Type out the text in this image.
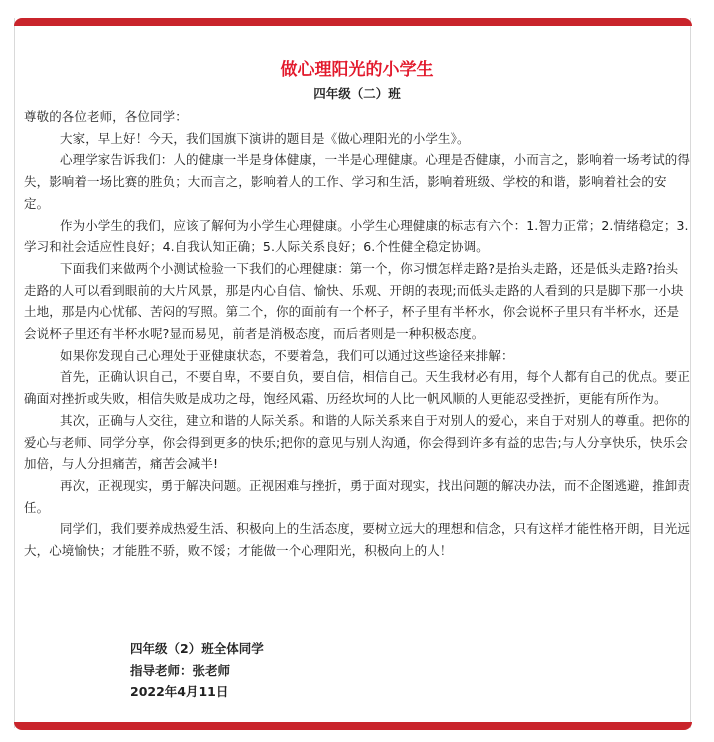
做心理阳光的小学生
四年级（二）班

尊敬的各位老师，各位同学：

大家，早上好！今天，我们国旗下演讲的题目是《做心理阳光的小学生》。

心理学家告诉我们：人的健康一半是身体健康，一半是心理健康。心理是否健康，小而言之，影响着一场考试的得失，影响着一场比赛的胜负；大而言之，影响着人的工作、学习和生活，影响着班级、学校的和谐，影响着社会的安定。

作为小学生的我们，应该了解何为小学生心理健康。小学生心理健康的标志有六个：1.智力正常；2.情绪稳定；3.学习和社会适应性良好；4.自我认知正确；5.人际关系良好；6.个性健全稳定协调。

下面我们来做两个小测试检验一下我们的心理健康：第一个，你习惯怎样走路?是抬头走路，还是低头走路?抬头走路的人可以看到眼前的大片风景，那是内心自信、愉快、乐观、开朗的表现;而低头走路的人看到的只是脚下那一小块土地，那是内心忧郁、苦闷的写照。第二个，你的面前有一个杯子，杯子里有半杯水，你会说杯子里只有半杯水，还是会说杯子里还有半杯水呢?显而易见，前者是消极态度，而后者则是一种积极态度。

如果你发现自己心理处于亚健康状态，不要着急，我们可以通过这些途径来排解：

首先，正确认识自己，不要自卑，不要自负，要自信，相信自己。天生我材必有用，每个人都有自己的优点。要正确面对挫折或失败，相信失败是成功之母，饱经风霜、历经坎坷的人比一帆风顺的人更能忍受挫折，更能有所作为。

其次，正确与人交往，建立和谐的人际关系。和谐的人际关系来自于对别人的爱心，来自于对别人的尊重。把你的爱心与老师、同学分享，你会得到更多的快乐;把你的意见与别人沟通，你会得到许多有益的忠告;与人分享快乐，快乐会加倍，与人分担痛苦，痛苦会减半!

再次，正视现实，勇于解决问题。正视困难与挫折，勇于面对现实，找出问题的解决办法，而不企图逃避，推卸责任。

同学们，我们要养成热爱生活、积极向上的生活态度，要树立远大的理想和信念，只有这样才能性格开朗，目光远大，心境愉快；才能胜不骄，败不馁；才能做一个心理阳光，积极向上的人！

四年级（2）班全体同学
指导老师：张老师
2022年4月11日
